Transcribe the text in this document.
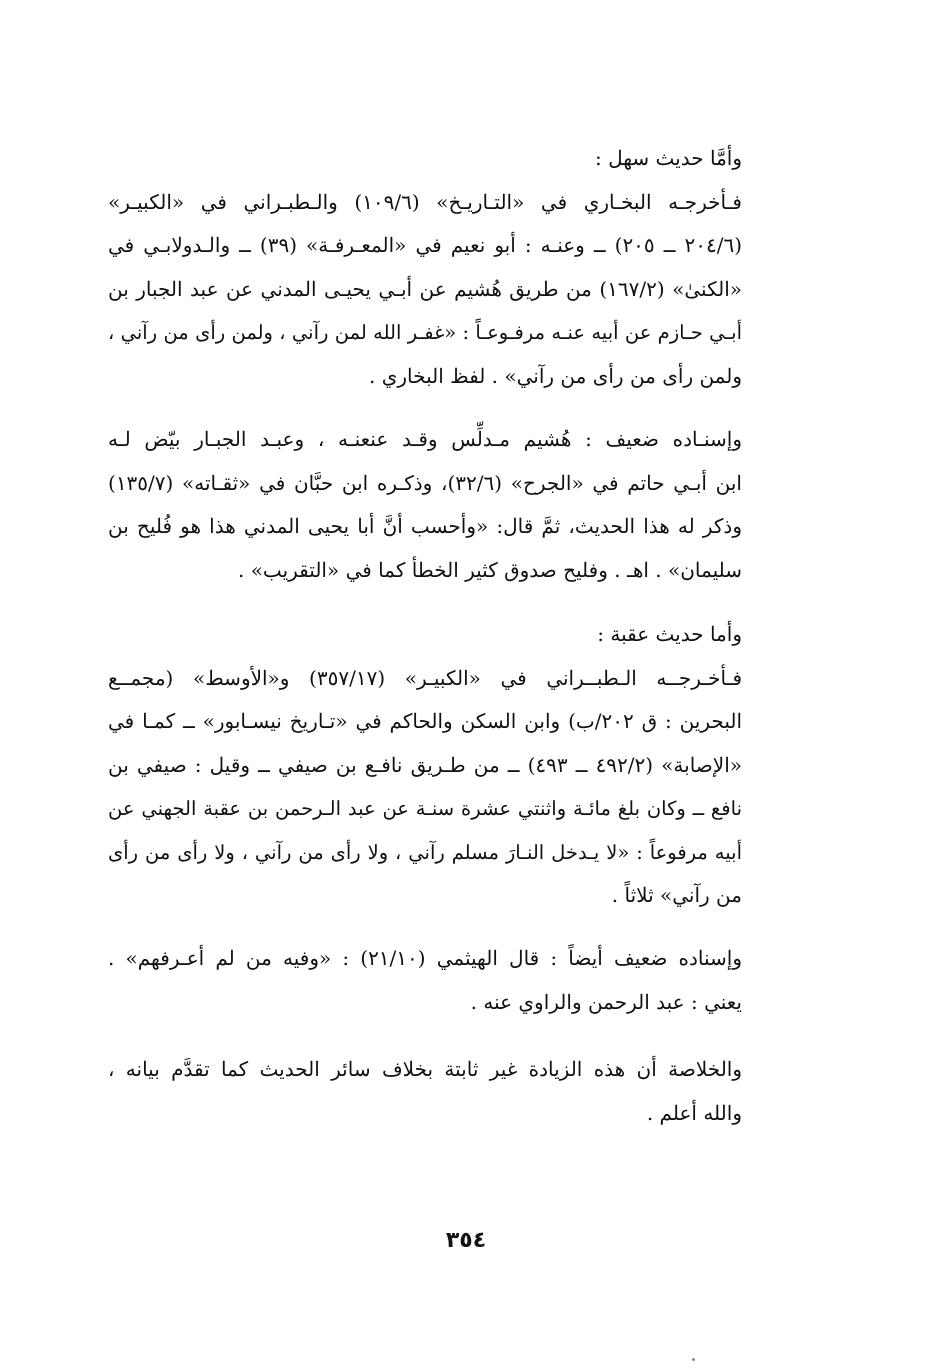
وأمَّا حديث سهل :
فـأخرجـه البخـاري في «التـاريـخ» (١٠٩/٦) والـطبـراني في «الكبيـر»
(٢٠٤/٦ ــ ٢٠٥) ــ وعنـه : أبو نعيم في «المعـرفـة» (٣٩) ــ والـدولابـي في
«الكنىٰ» (١٦٧/٢) من طريق هُشيم عن أبـي يحيـى المدني عن عبد الجبار بن
أبـي حـازم عن أبيه عنـه مرفـوعـاً : «غفـر الله لمن رآني ، ولمن رأى من رآني ،
ولمن رأى من رأى من رآني» . لفظ البخاري .
وإسنـاده ضعيف : هُشيم مـدلِّس وقـد عنعنـه ، وعبـد الجبـار بيّض لـه
ابن أبـي حاتم في «الجرح» (٣٢/٦)، وذكـره ابن حبَّان في «ثقـاته» (١٣٥/٧)
وذكر له هذا الحديث، ثمَّ قال: «وأحسب أنَّ أبا يحيى المدني هذا هو فُليح بن
سليمان» . اهـ . وفليح صدوق كثير الخطأ كما في «التقريب» .
وأما حديث عقبة :
فـأخـرجــه الـطبــراني في «الكبيـر» (٣٥٧/١٧) و«الأوسط» (مجمــع
البحرين : ق ٢٠٢/ب) وابن السكن والحاكم في «تـاريخ نيسـابور» ــ كمـا في
«الإصابة» (٤٩٢/٢ ــ ٤٩٣) ــ من طـريق نافـع بن صيفي ــ وقيل : صيفي بن
نافع ــ وكان بلغ مائـة واثنتي عشرة سنـة عن عبد الـرحمن بن عقبة الجهني عن
أبيه مرفوعاً : «لا يـدخل النـارَ مسلم رآني ، ولا رأى من رآني ، ولا رأى من رأى
من رآني» ثلاثاً .
وإسناده ضعيف أيضاً : قال الهيثمي (٢١/١٠) : «وفيه من لم أعـرفهم» .
يعني : عبد الرحمن والراوي عنه .
والخلاصة أن هذه الزيادة غير ثابتة بخلاف سائر الحديث كما تقدَّم بيانه ،
والله أعلم .
٣٥٤
